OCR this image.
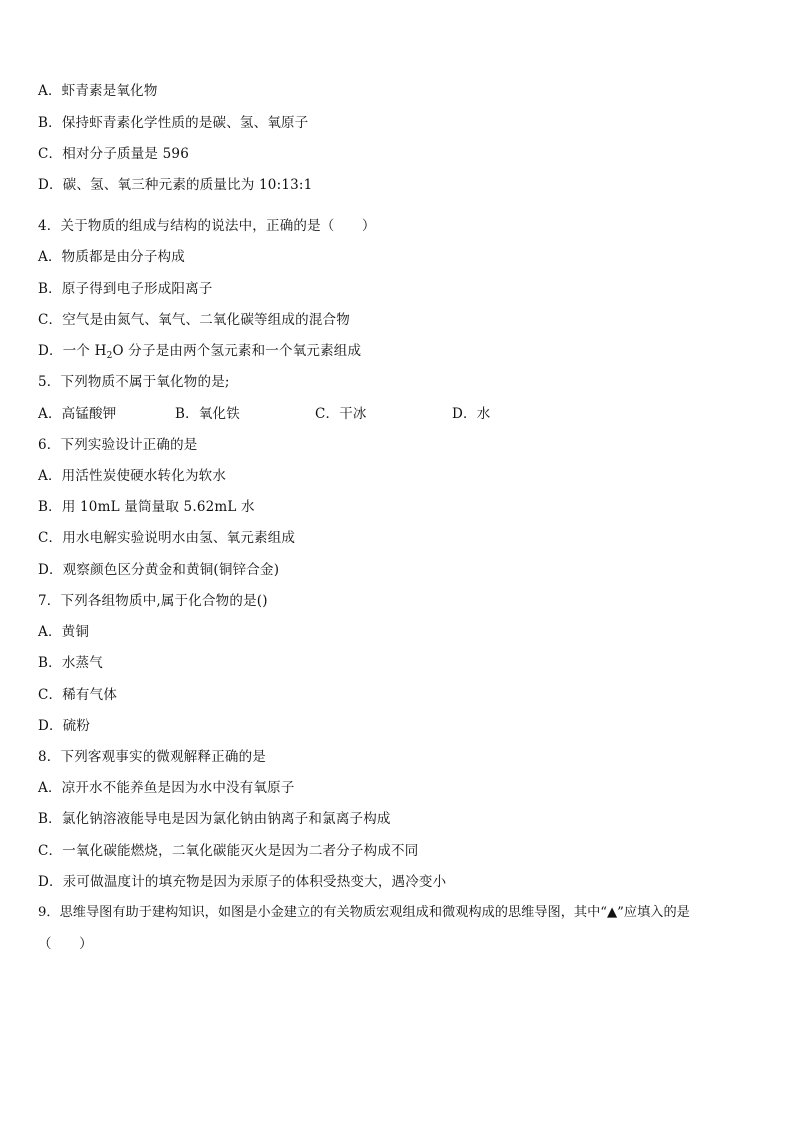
A．虾青素是氧化物
B．保持虾青素化学性质的是碳、氢、氧原子
C．相对分子质量是 596
D．碳、氢、氧三种元素的质量比为 10:13:1
4．关于物质的组成与结构的说法中，正确的是（　　）
A．物质都是由分子构成
B．原子得到电子形成阳离子
C．空气是由氮气、氧气、二氧化碳等组成的混合物
D．一个 $H_2O$ 分子是由两个氢元素和一个氧元素组成
5．下列物质不属于氧化物的是;
A．高锰酸钾	B．氧化铁	C．干冰	D．水
6．下列实验设计正确的是
A．用活性炭使硬水转化为软水
B．用 10mL 量筒量取 5.62mL 水
C．用水电解实验说明水由氢、氧元素组成
D．观察颜色区分黄金和黄铜(铜锌合金)
7．下列各组物质中,属于化合物的是()
A．黄铜
B．水蒸气
C．稀有气体
D．硫粉
8．下列客观事实的微观解释正确的是
A．凉开水不能养鱼是因为水中没有氧原子
B．氯化钠溶液能导电是因为氯化钠由钠离子和氯离子构成
C．一氧化碳能燃烧，二氧化碳能灭火是因为二者分子构成不同
D．汞可做温度计的填充物是因为汞原子的体积受热变大，遇冷变小
9．思维导图有助于建构知识，如图是小金建立的有关物质宏观组成和微观构成的思维导图，其中“▲”应填入的是
（　　）
